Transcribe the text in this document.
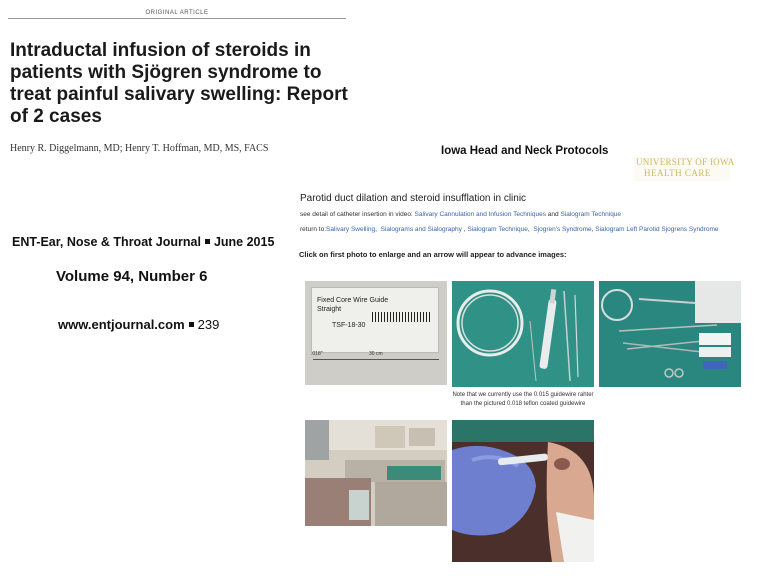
ORIGINAL ARTICLE
Intraductal infusion of steroids in patients with Sjögren syndrome to treat painful salivary swelling: Report of 2 cases
Henry R. Diggelmann, MD; Henry T. Hoffman, MD, MS, FACS
ENT-Ear, Nose & Throat Journal June 2015
Volume 94, Number 6
www.entjournal.com 239
Iowa Head and Neck Protocols
UNIVERSITY OF IOWA
HEALTH CARE
Parotid duct dilation and steroid insufflation in clinic
see detail of catheter insertion in video: Salivary Cannulation and Infusion Techniques and Sialogram Technique
return to:Salivary Swelling,  Sialograms and Sialography , Sialogram Technique,  Sjogren's Syndrome, Sialogram Left Parotid Sjogrens Syndrome
Click on first photo to enlarge and an arrow will appear to advance images:
Fixed Core Wire Guide
Straight
TSF-18-30
.018"	30 cm
Note that we currently use the 0.015 guidewire rahter than the pictured 0.018 teflon coated guidewire
